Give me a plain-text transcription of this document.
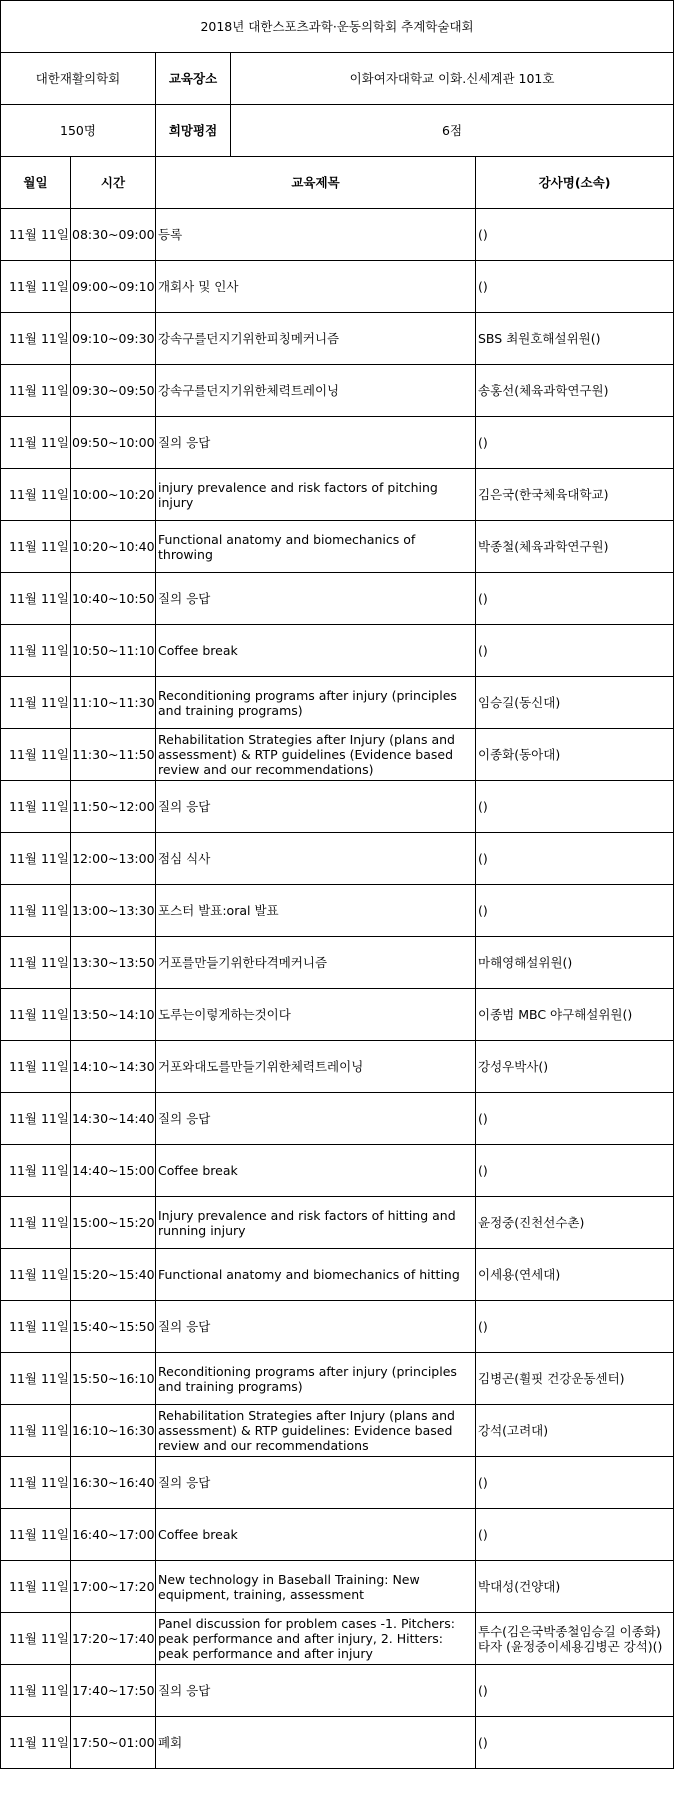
2018년 대한스포츠과학·운동의학회 추계학술대회				
대한재활의학회		교육장소	이화여자대학교 이화.신세계관 101호	
150명		희망평점	6점	
월일	시간	교육제목		강사명(소속)
11월 11일	08:30~09:00	등록		()
11월 11일	09:00~09:10	개회사 및 인사		()
11월 11일	09:10~09:30	강속구를던지기위한피칭메커니즘		SBS 최원호해설위원()
11월 11일	09:30~09:50	강속구를던지기위한체력트레이닝		송홍선(체육과학연구원)
11월 11일	09:50~10:00	질의 응답		()
11월 11일	10:00~10:20	injury prevalence and risk factors of pitching injury		김은국(한국체육대학교)
11월 11일	10:20~10:40	Functional anatomy and biomechanics of throwing		박종철(체육과학연구원)
11월 11일	10:40~10:50	질의 응답		()
11월 11일	10:50~11:10	Coffee break		()
11월 11일	11:10~11:30	Reconditioning programs after injury (principles and training programs)		임승길(동신대)
11월 11일	11:30~11:50	Rehabilitation Strategies after Injury (plans and assessment) & RTP guidelines (Evidence based review and our recommendations)		이종화(동아대)
11월 11일	11:50~12:00	질의 응답		()
11월 11일	12:00~13:00	점심 식사		()
11월 11일	13:00~13:30	포스터 발표:oral 발표		()
11월 11일	13:30~13:50	거포를만들기위한타격메커니즘		마해영해설위원()
11월 11일	13:50~14:10	도루는이렇게하는것이다		이종범 MBC 야구해설위원()
11월 11일	14:10~14:30	거포와대도를만들기위한체력트레이닝		강성우박사()
11월 11일	14:30~14:40	질의 응답		()
11월 11일	14:40~15:00	Coffee break		()
11월 11일	15:00~15:20	Injury prevalence and risk factors of hitting and running injury		윤정중(진천선수촌)
11월 11일	15:20~15:40	Functional anatomy and biomechanics of hitting		이세용(연세대)
11월 11일	15:40~15:50	질의 응답		()
11월 11일	15:50~16:10	Reconditioning programs after injury (principles and training programs)		김병곤(휠핏 건강운동센터)
11월 11일	16:10~16:30	Rehabilitation Strategies after Injury (plans and assessment) & RTP guidelines: Evidence based review and our recommendations		강석(고려대)
11월 11일	16:30~16:40	질의 응답		()
11월 11일	16:40~17:00	Coffee break		()
11월 11일	17:00~17:20	New technology in Baseball Training: New equipment, training, assessment		박대성(건양대)
11월 11일	17:20~17:40	Panel discussion for problem cases -1. Pitchers: peak performance and after injury, 2. Hitters: peak performance and after injury		투수(김은국박종철임승길 이종화) 타자 (윤정중이세용김병곤 강석)()
11월 11일	17:40~17:50	질의 응답		()
11월 11일	17:50~01:00	폐회		()
